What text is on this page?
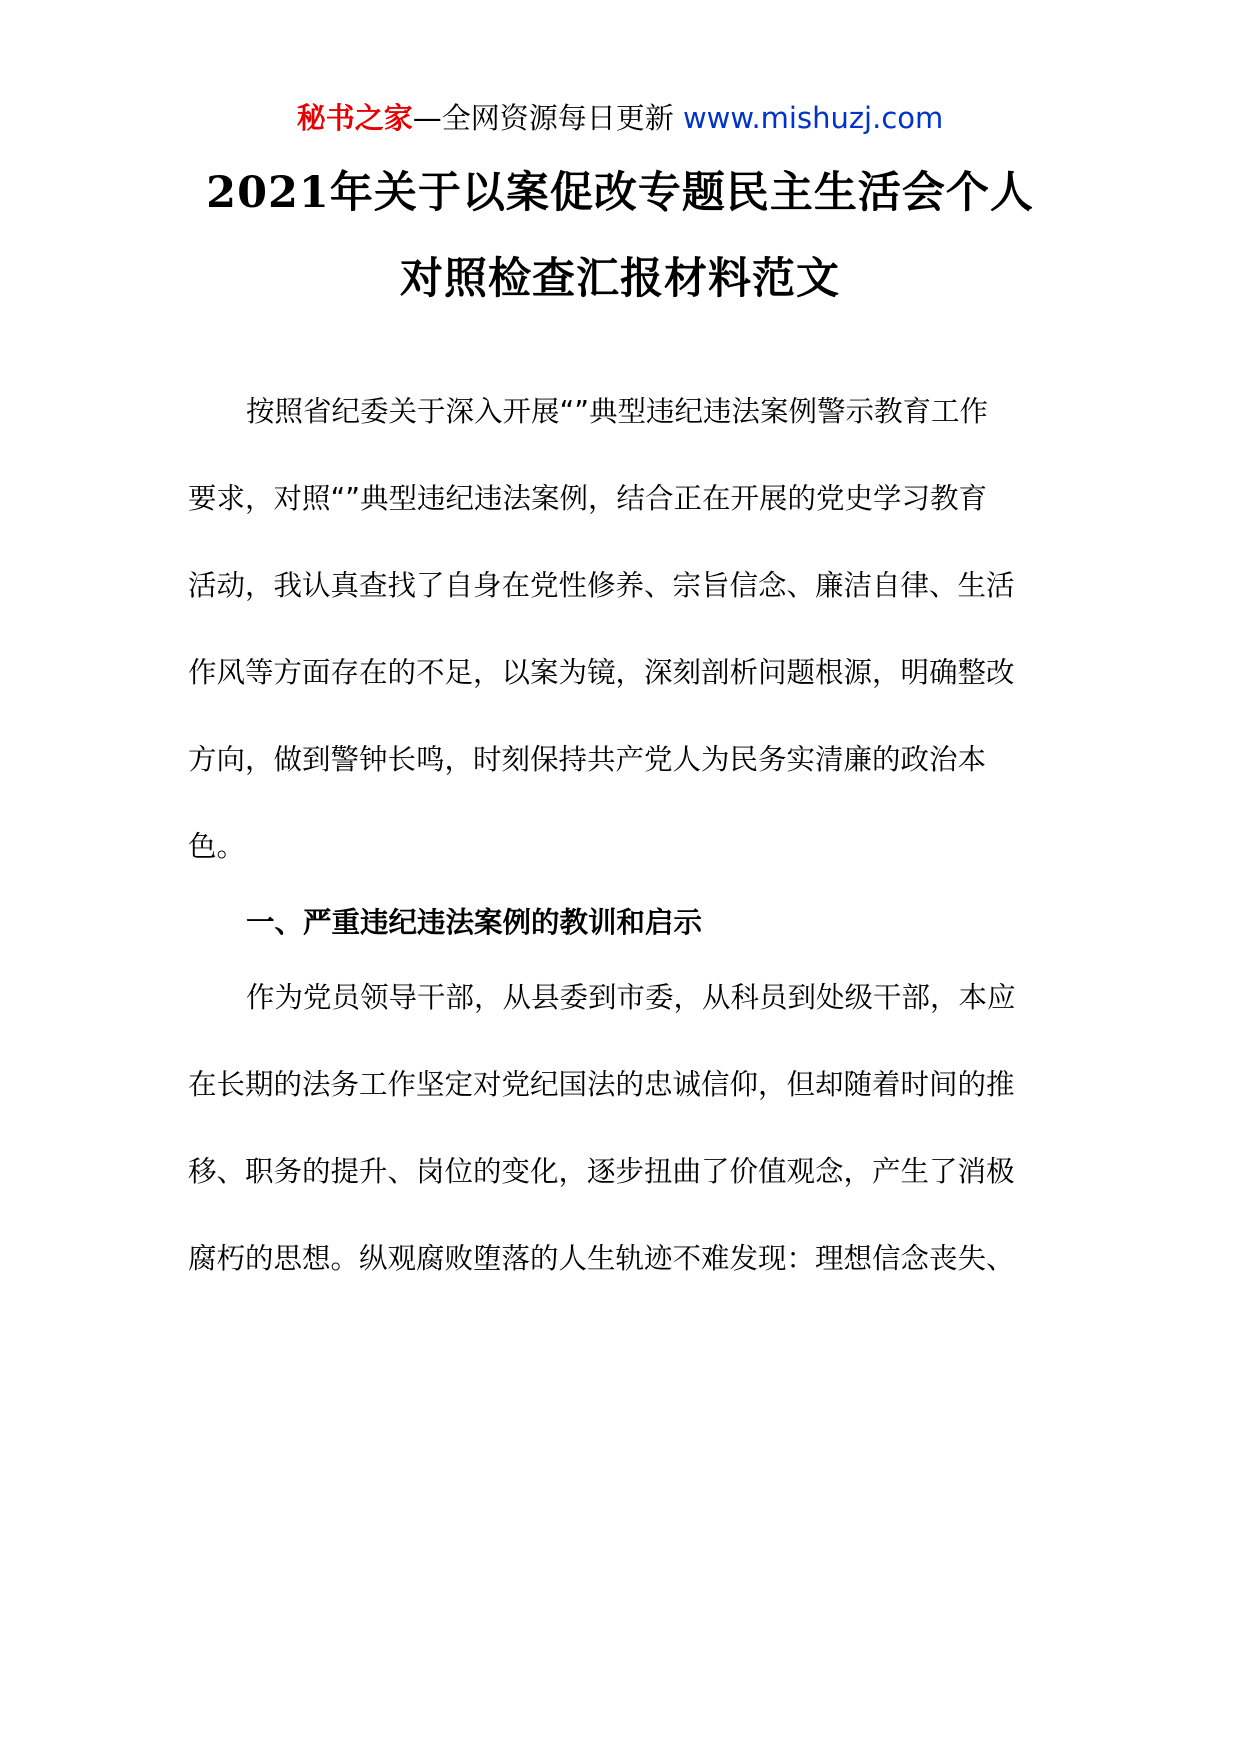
秘书之家—全网资源每日更新 www.mishuzj.com
2021年关于以案促改专题民主生活会个人
对照检查汇报材料范文
按照省纪委关于深入开展“”典型违纪违法案例警示教育工作
要求，对照“”典型违纪违法案例，结合正在开展的党史学习教育
活动，我认真查找了自身在党性修养、宗旨信念、廉洁自律、生活
作风等方面存在的不足，以案为镜，深刻剖析问题根源，明确整改
方向，做到警钟长鸣，时刻保持共产党人为民务实清廉的政治本
色。
一、严重违纪违法案例的教训和启示
作为党员领导干部，从县委到市委，从科员到处级干部，本应
在长期的法务工作坚定对党纪国法的忠诚信仰，但却随着时间的推
移、职务的提升、岗位的变化，逐步扭曲了价值观念，产生了消极
腐朽的思想。纵观腐败堕落的人生轨迹不难发现：理想信念丧失、
